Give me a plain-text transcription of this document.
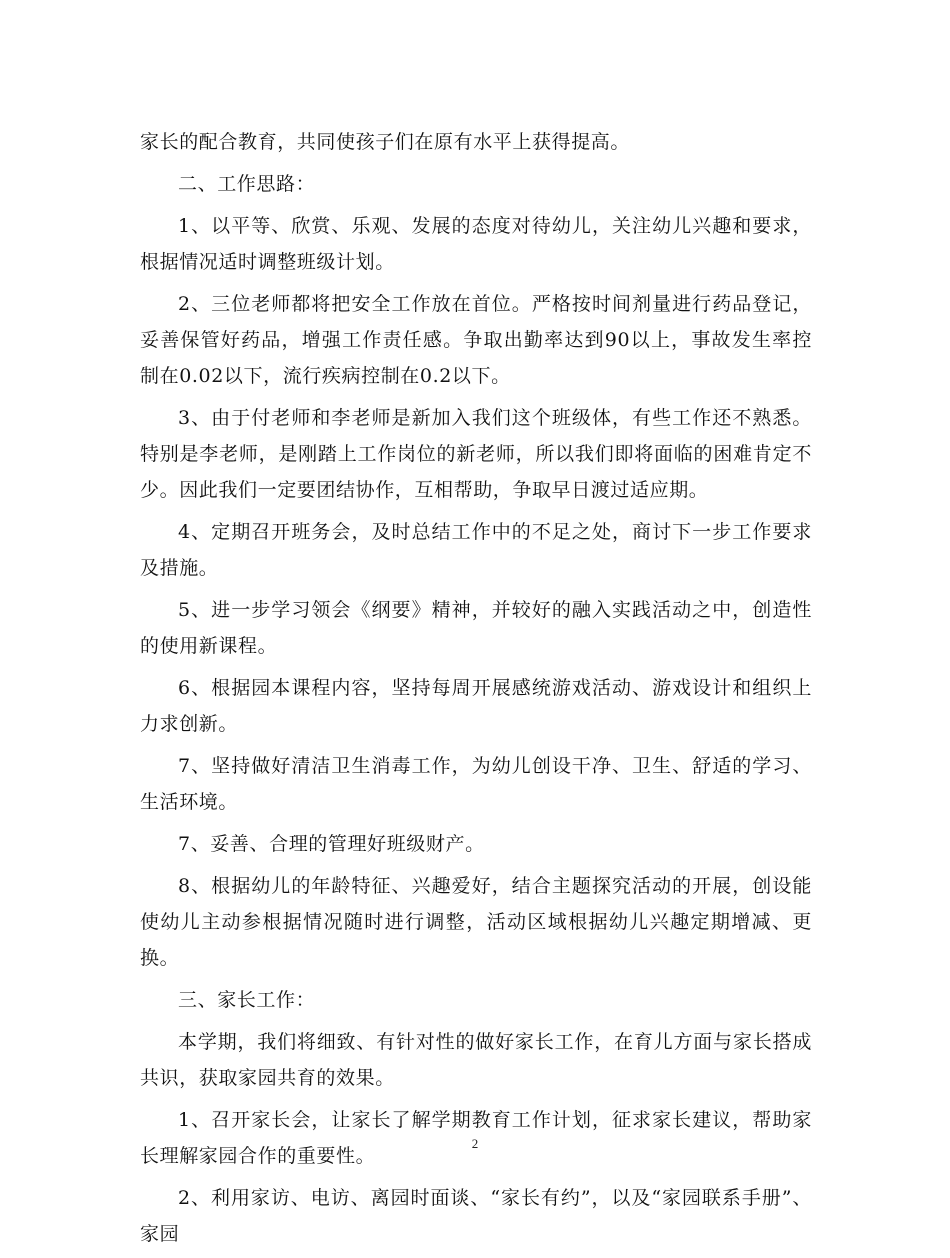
家长的配合教育，共同使孩子们在原有水平上获得提高。

二、工作思路：

1、以平等、欣赏、乐观、发展的态度对待幼儿，关注幼儿兴趣和要求，根据情况适时调整班级计划。

2、三位老师都将把安全工作放在首位。严格按时间剂量进行药品登记，妥善保管好药品，增强工作责任感。争取出勤率达到90以上，事故发生率控制在0.02以下，流行疾病控制在0.2以下。

3、由于付老师和李老师是新加入我们这个班级体，有些工作还不熟悉。特别是李老师，是刚踏上工作岗位的新老师，所以我们即将面临的困难肯定不少。因此我们一定要团结协作，互相帮助，争取早日渡过适应期。

4、定期召开班务会，及时总结工作中的不足之处，商讨下一步工作要求及措施。

5、进一步学习领会《纲要》精神，并较好的融入实践活动之中，创造性的使用新课程。

6、根据园本课程内容，坚持每周开展感统游戏活动、游戏设计和组织上力求创新。

7、坚持做好清洁卫生消毒工作，为幼儿创设干净、卫生、舒适的学习、生活环境。

7、妥善、合理的管理好班级财产。

8、根据幼儿的年龄特征、兴趣爱好，结合主题探究活动的开展，创设能使幼儿主动参根据情况随时进行调整，活动区域根据幼儿兴趣定期增减、更换。

三、家长工作：

本学期，我们将细致、有针对性的做好家长工作，在育儿方面与家长搭成共识，获取家园共育的效果。

1、召开家长会，让家长了解学期教育工作计划，征求家长建议，帮助家长理解家园合作的重要性。

2、利用家访、电访、离园时面谈、“家长有约”，以及“家园联系手册”、家园

2
